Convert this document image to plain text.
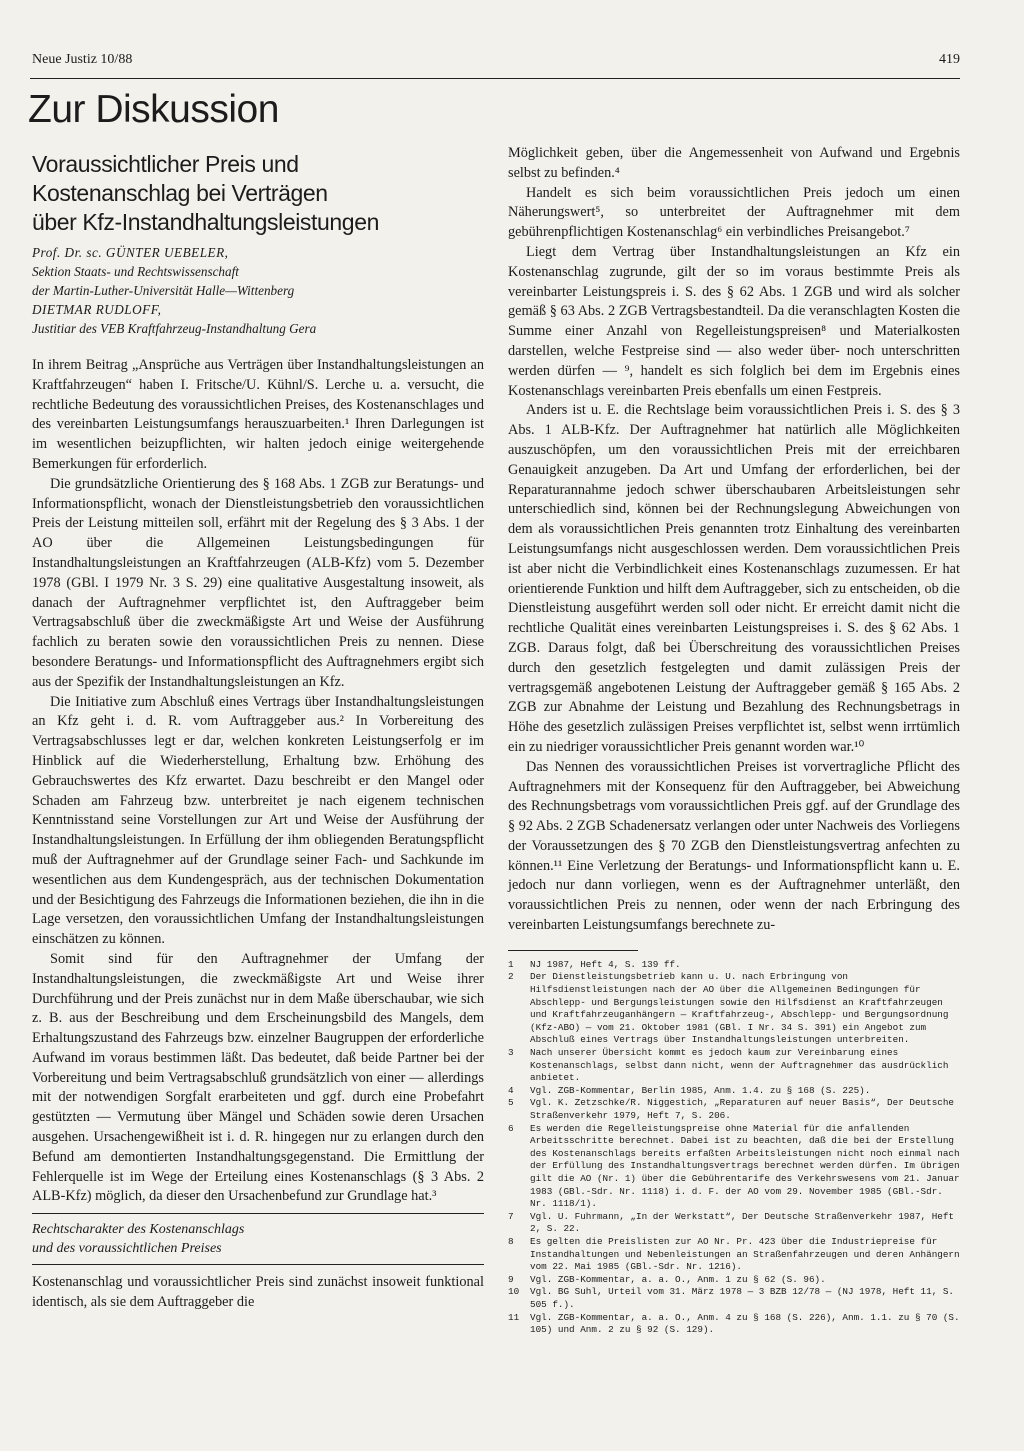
Neue Justiz 10/88	419
Zur Diskussion
Voraussichtlicher Preis und
Kostenanschlag bei Verträgen
über Kfz-Instandhaltungsleistungen
Prof. Dr. sc. GÜNTER UEBELER,
Sektion Staats- und Rechtswissenschaft
der Martin-Luther-Universität Halle—Wittenberg
DIETMAR RUDLOFF,
Justitiar des VEB Kraftfahrzeug-Instandhaltung Gera

In ihrem Beitrag „Ansprüche aus Verträgen über Instandhaltungsleistungen an Kraftfahrzeugen“ haben I. Fritsche/U. Kühnl/S. Lerche u. a. versucht, die rechtliche Bedeutung des voraussichtlichen Preises, des Kostenanschlages und des vereinbarten Leistungsumfangs herauszuarbeiten.¹ Ihren Darlegungen ist im wesentlichen beizupflichten, wir halten jedoch einige weitergehende Bemerkungen für erforderlich.

Die grundsätzliche Orientierung des § 168 Abs. 1 ZGB zur Beratungs- und Informationspflicht, wonach der Dienstleistungsbetrieb den voraussichtlichen Preis der Leistung mitteilen soll, erfährt mit der Regelung des § 3 Abs. 1 der AO über die Allgemeinen Leistungsbedingungen für Instandhaltungsleistungen an Kraftfahrzeugen (ALB-Kfz) vom 5. Dezember 1978 (GBl. I 1979 Nr. 3 S. 29) eine qualitative Ausgestaltung insoweit, als danach der Auftragnehmer verpflichtet ist, den Auftraggeber beim Vertragsabschluß über die zweckmäßigste Art und Weise der Ausführung fachlich zu beraten sowie den voraussichtlichen Preis zu nennen. Diese besondere Beratungs- und Informationspflicht des Auftragnehmers ergibt sich aus der Spezifik der Instandhaltungsleistungen an Kfz.

Die Initiative zum Abschluß eines Vertrags über Instandhaltungsleistungen an Kfz geht i. d. R. vom Auftraggeber aus.² In Vorbereitung des Vertragsabschlusses legt er dar, welchen konkreten Leistungserfolg er im Hinblick auf die Wiederherstellung, Erhaltung bzw. Erhöhung des Gebrauchswertes des Kfz erwartet. Dazu beschreibt er den Mangel oder Schaden am Fahrzeug bzw. unterbreitet je nach eigenem technischen Kenntnisstand seine Vorstellungen zur Art und Weise der Ausführung der Instandhaltungsleistungen. In Erfüllung der ihm obliegenden Beratungspflicht muß der Auftragnehmer auf der Grundlage seiner Fach- und Sachkunde im wesentlichen aus dem Kundengespräch, aus der technischen Dokumentation und der Besichtigung des Fahrzeugs die Informationen beziehen, die ihn in die Lage versetzen, den voraussichtlichen Umfang der Instandhaltungsleistungen einschätzen zu können.

Somit sind für den Auftragnehmer der Umfang der Instandhaltungsleistungen, die zweckmäßigste Art und Weise ihrer Durchführung und der Preis zunächst nur in dem Maße überschaubar, wie sich z. B. aus der Beschreibung und dem Erscheinungsbild des Mangels, dem Erhaltungszustand des Fahrzeugs bzw. einzelner Baugruppen der erforderliche Aufwand im voraus bestimmen läßt. Das bedeutet, daß beide Partner bei der Vorbereitung und beim Vertragsabschluß grundsätzlich von einer — allerdings mit der notwendigen Sorgfalt erarbeiteten und ggf. durch eine Probefahrt gestützten — Vermutung über Mängel und Schäden sowie deren Ursachen ausgehen. Ursachengewißheit ist i. d. R. hingegen nur zu erlangen durch den Befund am demontierten Instandhaltungsgegenstand. Die Ermittlung der Fehlerquelle ist im Wege der Erteilung eines Kostenanschlags (§ 3 Abs. 2 ALB-Kfz) möglich, da dieser den Ursachenbefund zur Grundlage hat.³

Rechtscharakter des Kostenanschlags
und des voraussichtlichen Preises

Kostenanschlag und voraussichtlicher Preis sind zunächst insoweit funktional identisch, als sie dem Auftraggeber die

Möglichkeit geben, über die Angemessenheit von Aufwand und Ergebnis selbst zu befinden.⁴

Handelt es sich beim voraussichtlichen Preis jedoch um einen Näherungswert⁵, so unterbreitet der Auftragnehmer mit dem gebührenpflichtigen Kostenanschlag⁶ ein verbindliches Preisangebot.⁷

Liegt dem Vertrag über Instandhaltungsleistungen an Kfz ein Kostenanschlag zugrunde, gilt der so im voraus bestimmte Preis als vereinbarter Leistungspreis i. S. des § 62 Abs. 1 ZGB und wird als solcher gemäß § 63 Abs. 2 ZGB Vertragsbestandteil. Da die veranschlagten Kosten die Summe einer Anzahl von Regelleistungspreisen⁸ und Materialkosten darstellen, welche Festpreise sind — also weder über- noch unterschritten werden dürfen — ⁹, handelt es sich folglich bei dem im Ergebnis eines Kostenanschlags vereinbarten Preis ebenfalls um einen Festpreis.

Anders ist u. E. die Rechtslage beim voraussichtlichen Preis i. S. des § 3 Abs. 1 ALB-Kfz. Der Auftragnehmer hat natürlich alle Möglichkeiten auszuschöpfen, um den voraussichtlichen Preis mit der erreichbaren Genauigkeit anzugeben. Da Art und Umfang der erforderlichen, bei der Reparaturannahme jedoch schwer überschaubaren Arbeitsleistungen sehr unterschiedlich sind, können bei der Rechnungslegung Abweichungen von dem als voraussichtlichen Preis genannten trotz Einhaltung des vereinbarten Leistungsumfangs nicht ausgeschlossen werden. Dem voraussichtlichen Preis ist aber nicht die Verbindlichkeit eines Kostenanschlags zuzumessen. Er hat orientierende Funktion und hilft dem Auftraggeber, sich zu entscheiden, ob die Dienstleistung ausgeführt werden soll oder nicht. Er erreicht damit nicht die rechtliche Qualität eines vereinbarten Leistungspreises i. S. des § 62 Abs. 1 ZGB. Daraus folgt, daß bei Überschreitung des voraussichtlichen Preises durch den gesetzlich festgelegten und damit zulässigen Preis der vertragsgemäß angebotenen Leistung der Auftraggeber gemäß § 165 Abs. 2 ZGB zur Abnahme der Leistung und Bezahlung des Rechnungsbetrags in Höhe des gesetzlich zulässigen Preises verpflichtet ist, selbst wenn irrtümlich ein zu niedriger voraussichtlicher Preis genannt worden war.¹⁰

Das Nennen des voraussichtlichen Preises ist vorvertragliche Pflicht des Auftragnehmers mit der Konsequenz für den Auftraggeber, bei Abweichung des Rechnungsbetrags vom voraussichtlichen Preis ggf. auf der Grundlage des § 92 Abs. 2 ZGB Schadenersatz verlangen oder unter Nachweis des Vorliegens der Voraussetzungen des § 70 ZGB den Dienstleistungsvertrag anfechten zu können.¹¹ Eine Verletzung der Beratungs- und Informationspflicht kann u. E. jedoch nur dann vorliegen, wenn es der Auftragnehmer unterläßt, den voraussichtlichen Preis zu nennen, oder wenn der nach Erbringung des vereinbarten Leistungsumfangs berechnete zu-

1	NJ 1987, Heft 4, S. 139 ff.
2	Der Dienstleistungsbetrieb kann u. U. nach Erbringung von Hilfsdienstleistungen nach der AO über die Allgemeinen Bedingungen für Abschlepp- und Bergungsleistungen sowie den Hilfsdienst an Kraftfahrzeugen und Kraftfahrzeuganhängern — Kraftfahrzeug-, Abschlepp- und Bergungsordnung (Kfz-ABO) — vom 21. Oktober 1981 (GBl. I Nr. 34 S. 391) ein Angebot zum Abschluß eines Vertrags über Instandhaltungsleistungen unterbreiten.
3	Nach unserer Übersicht kommt es jedoch kaum zur Vereinbarung eines Kostenanschlags, selbst dann nicht, wenn der Auftragnehmer das ausdrücklich anbietet.
4	Vgl. ZGB-Kommentar, Berlin 1985, Anm. 1.4. zu § 168 (S. 225).
5	Vgl. K. Zetzschke/R. Niggestich, „Reparaturen auf neuer Basis“, Der Deutsche Straßenverkehr 1979, Heft 7, S. 206.
6	Es werden die Regelleistungspreise ohne Material für die anfallenden Arbeitsschritte berechnet. Dabei ist zu beachten, daß die bei der Erstellung des Kostenanschlags bereits erfaßten Arbeitsleistungen nicht noch einmal nach der Erfüllung des Instandhaltungsvertrags berechnet werden dürfen. Im übrigen gilt die AO (Nr. 1) über die Gebührentarife des Verkehrswesens vom 21. Januar 1983 (GBl.-Sdr. Nr. 1118) i. d. F. der AO vom 29. November 1985 (GBl.-Sdr. Nr. 1118/1).
7	Vgl. U. Fuhrmann, „In der Werkstatt“, Der Deutsche Straßenverkehr 1987, Heft 2, S. 22.
8	Es gelten die Preislisten zur AO Nr. Pr. 423 über die Industriepreise für Instandhaltungen und Nebenleistungen an Straßenfahrzeugen und deren Anhängern vom 22. Mai 1985 (GBl.-Sdr. Nr. 1216).
9	Vgl. ZGB-Kommentar, a. a. O., Anm. 1 zu § 62 (S. 96).
10	Vgl. BG Suhl, Urteil vom 31. März 1978 — 3 BZB 12/78 — (NJ 1978, Heft 11, S. 505 f.).
11	Vgl. ZGB-Kommentar, a. a. O., Anm. 4 zu § 168 (S. 226), Anm. 1.1. zu § 70 (S. 105) und Anm. 2 zu § 92 (S. 129).
